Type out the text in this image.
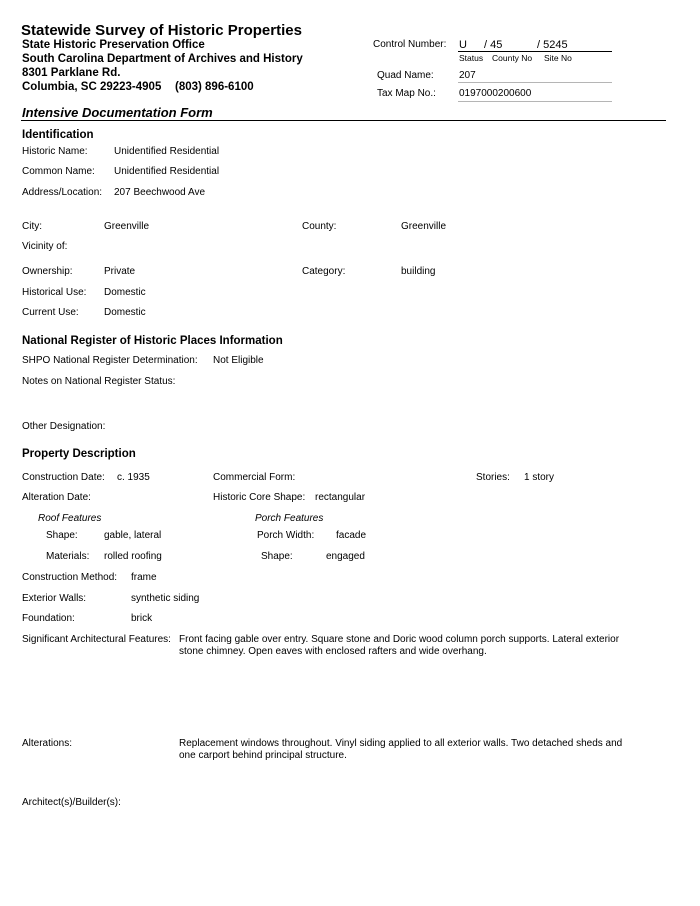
Statewide Survey of Historic Properties
State Historic Preservation Office
South Carolina Department of Archives and History
8301 Parklane Rd.
Columbia, SC 29223-4905 (803) 896-6100
Control Number: U / 45	/ 5245
Status County No Site No
Quad Name:	207
Tax Map No.: 0197000200600
Intensive Documentation Form
Identification
Historic Name:	Unidentified Residential
Common Name: Unidentified Residential
Address/Location: 207 Beechwood Ave
City:	Greenville	County:	Greenville
Vicinity of:
Ownership:	Private	Category:	building
Historical Use: Domestic
Current Use:	Domestic
National Register of Historic Places Information
SHPO National Register Determination: Not Eligible
Notes on National Register Status:
Other Designation:
Property Description
Construction Date: c. 1935	Commercial Form:	Stories: 1 story
Alteration Date:	Historic Core Shape: rectangular
Roof Features	Porch Features
Shape:	gable, lateral	Porch Width: facade
Materials: rolled roofing	Shape:	engaged
Construction Method: frame
Exterior Walls:	synthetic siding
Foundation:	brick
Significant Architectural Features: Front facing gable over entry. Square stone and Doric wood column porch supports. Lateral exterior stone chimney. Open eaves with enclosed rafters and wide overhang.
Alterations:	Replacement windows throughout. Vinyl siding applied to all exterior walls. Two detached sheds and one carport behind principal structure.
Architect(s)/Builder(s):
